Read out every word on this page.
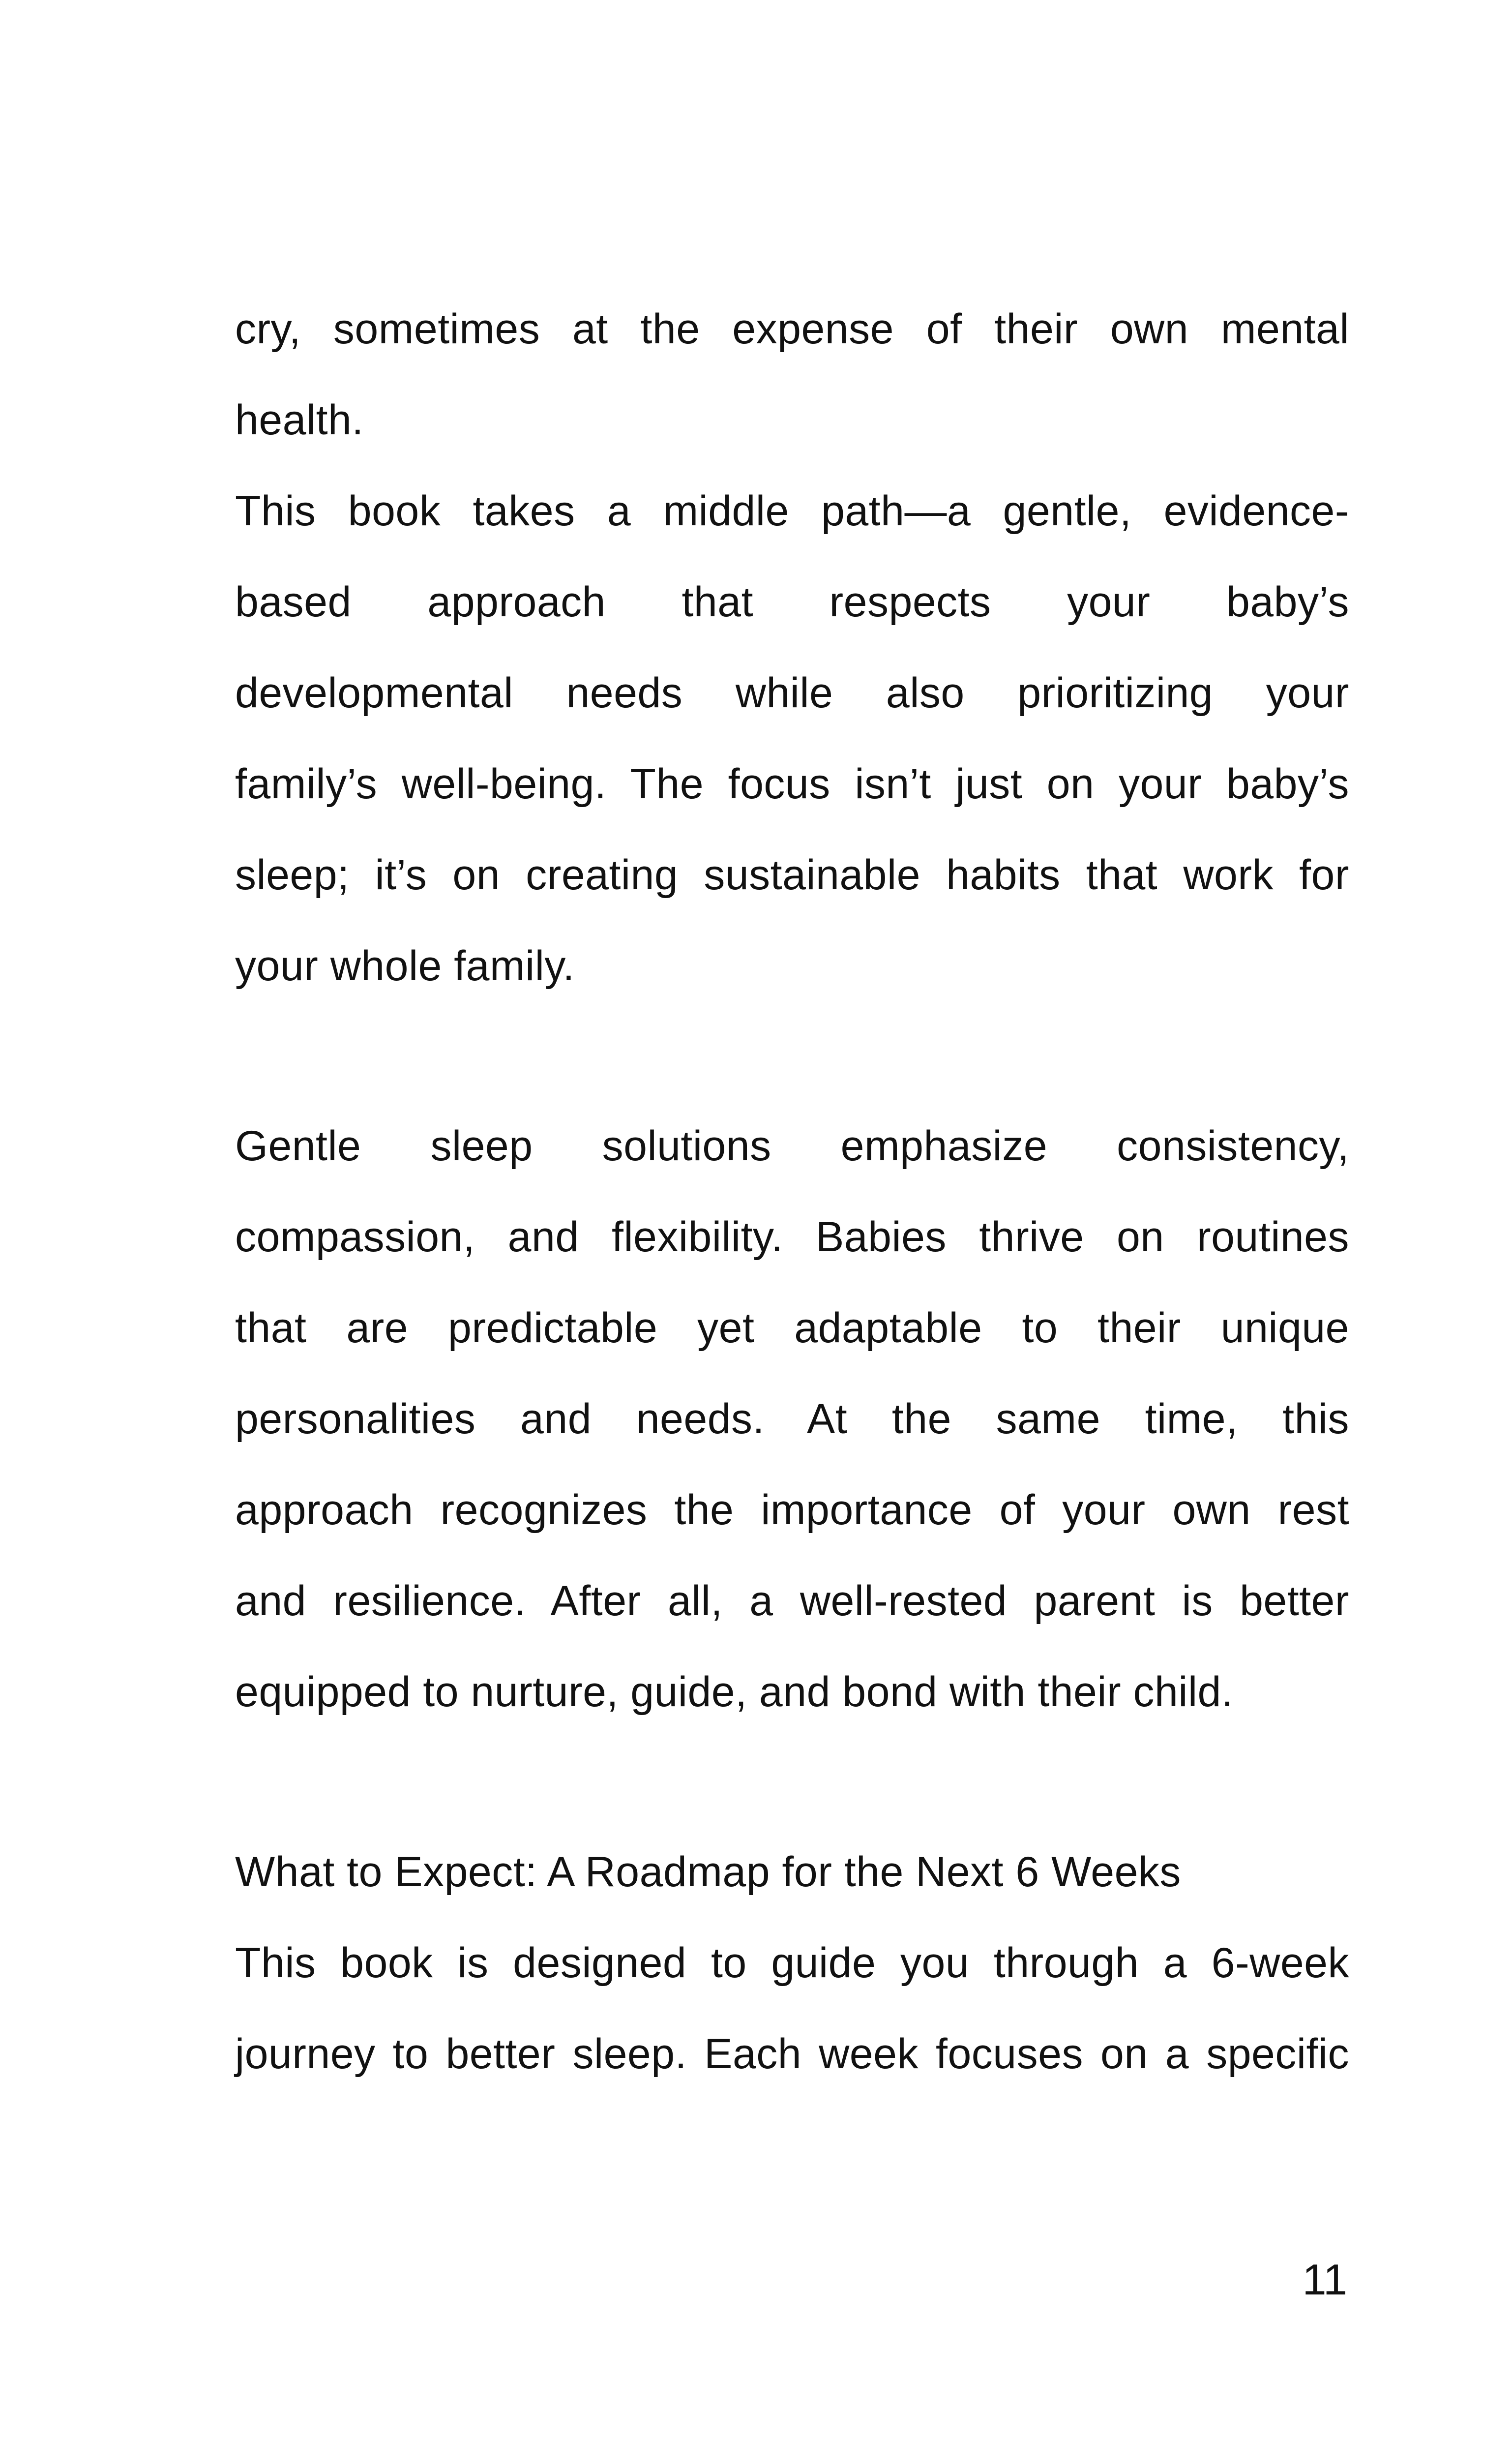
cry, sometimes at the expense of their own mental
health.
This book takes a middle path—a gentle, evidence-
based approach that respects your baby’s
developmental needs while also prioritizing your
family’s well-being. The focus isn’t just on your baby’s
sleep; it’s on creating sustainable habits that work for
your whole family.
Gentle sleep solutions emphasize consistency,
compassion, and flexibility. Babies thrive on routines
that are predictable yet adaptable to their unique
personalities and needs. At the same time, this
approach recognizes the importance of your own rest
and resilience. After all, a well-rested parent is better
equipped to nurture, guide, and bond with their child.
What to Expect: A Roadmap for the Next 6 Weeks
This book is designed to guide you through a 6-week
journey to better sleep. Each week focuses on a specific
11
